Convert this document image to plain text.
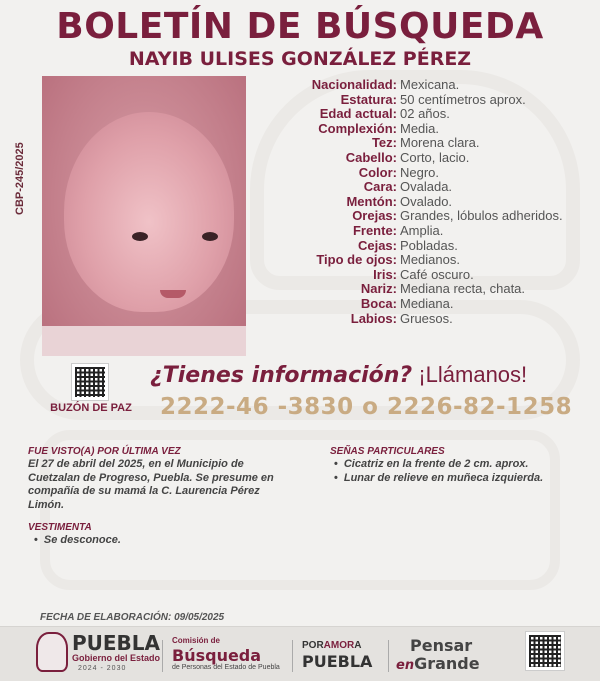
BOLETÍN DE BÚSQUEDA
NAYIB ULISES GONZÁLEZ PÉREZ
CBP-245/2025
Nacionalidad: Mexicana.
Estatura: 50 centímetros aprox.
Edad actual: 02 años.
Complexión: Media.
Tez: Morena clara.
Cabello: Corto, lacio.
Color: Negro.
Cara: Ovalada.
Mentón: Ovalado.
Orejas: Grandes, lóbulos adheridos.
Frente: Amplia.
Cejas: Pobladas.
Tipo de ojos: Medianos.
Iris: Café oscuro.
Nariz: Mediana recta, chata.
Boca: Mediana.
Labios: Gruesos.
BUZÓN DE PAZ
¿Tienes información? ¡Llámanos!
2222-46 -3830 o 2226-82-1258
FUE VISTO(A) POR ÚLTIMA VEZ
El 27 de abril del 2025, en el Municipio de Cuetzalan de Progreso, Puebla. Se presume en compañía de su mamá la C. Laurencia Pérez Limón.
SEÑAS PARTICULARES
• Cicatriz en la frente de 2 cm. aprox.
• Lunar de relieve en muñeca izquierda.
VESTIMENTA
• Se desconoce.
FECHA DE ELABORACIÓN: 09/05/2025
PUEBLA
Gobierno del Estado
2024 - 2030
Comisión de
Búsqueda
de Personas del Estado de Puebla
PORAMORA
PUEBLA
Pensar
enGrande
